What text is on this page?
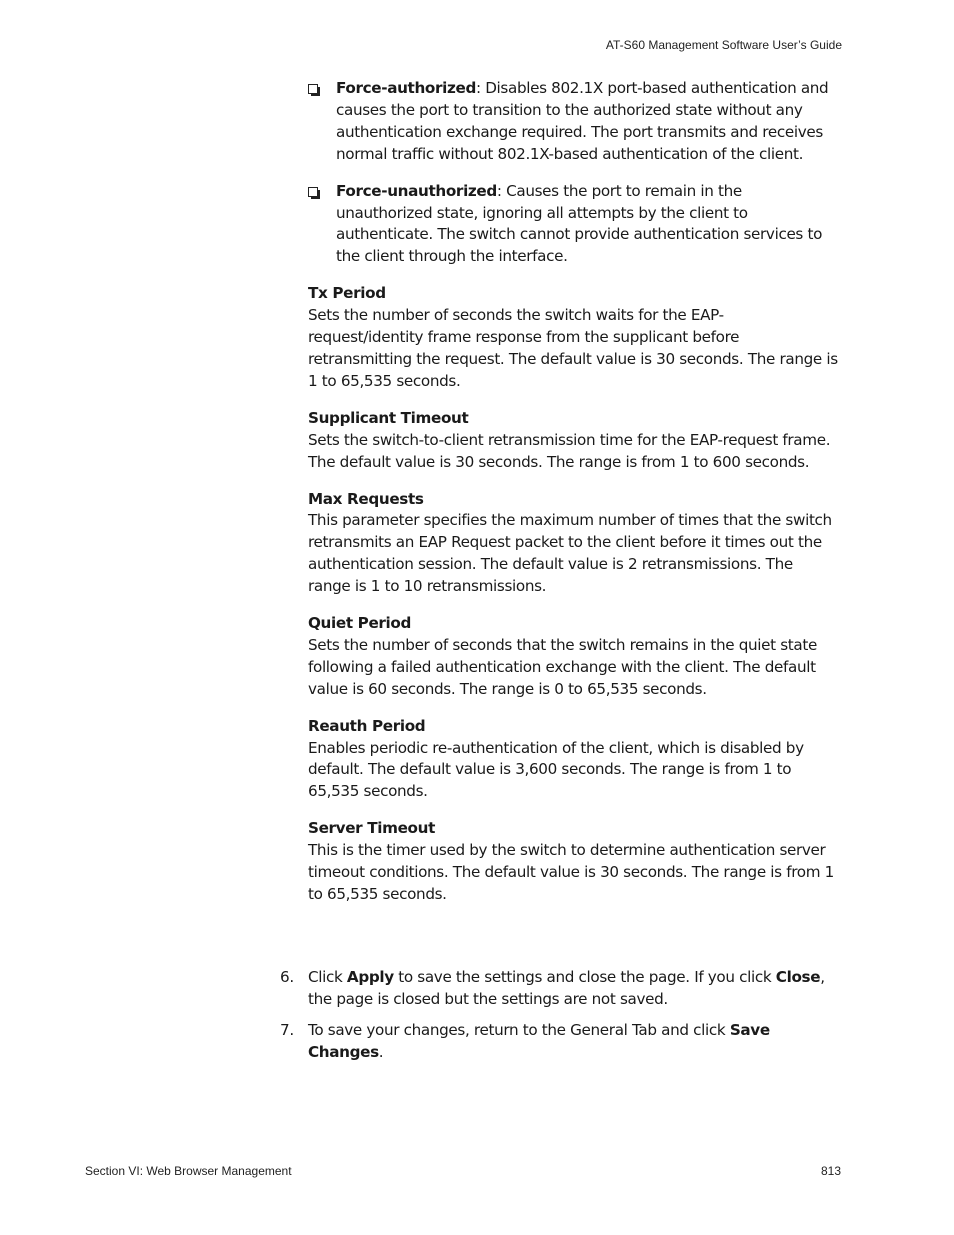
AT-S60 Management Software User’s Guide
Force-authorized: Disables 802.1X port-based authentication and causes the port to transition to the authorized state without any authentication exchange required. The port transmits and receives normal traffic without 802.1X-based authentication of the client.
Force-unauthorized: Causes the port to remain in the unauthorized state, ignoring all attempts by the client to authenticate. The switch cannot provide authentication services to the client through the interface.
Tx Period
Sets the number of seconds the switch waits for the EAP-request/identity frame response from the supplicant before retransmitting the request. The default value is 30 seconds. The range is 1 to 65,535 seconds.
Supplicant Timeout
Sets the switch-to-client retransmission time for the EAP-request frame. The default value is 30 seconds. The range is from 1 to 600 seconds.
Max Requests
This parameter specifies the maximum number of times that the switch retransmits an EAP Request packet to the client before it times out the authentication session. The default value is 2 retransmissions. The range is 1 to 10 retransmissions.
Quiet Period
Sets the number of seconds that the switch remains in the quiet state following a failed authentication exchange with the client. The default value is 60 seconds. The range is 0 to 65,535 seconds.
Reauth Period
Enables periodic re-authentication of the client, which is disabled by default. The default value is 3,600 seconds. The range is from 1 to 65,535 seconds.
Server Timeout
This is the timer used by the switch to determine authentication server timeout conditions. The default value is 30 seconds. The range is from 1 to 65,535 seconds.
6. Click Apply to save the settings and close the page. If you click Close, the page is closed but the settings are not saved.
7. To save your changes, return to the General Tab and click Save Changes.
Section VI: Web Browser Management	813
